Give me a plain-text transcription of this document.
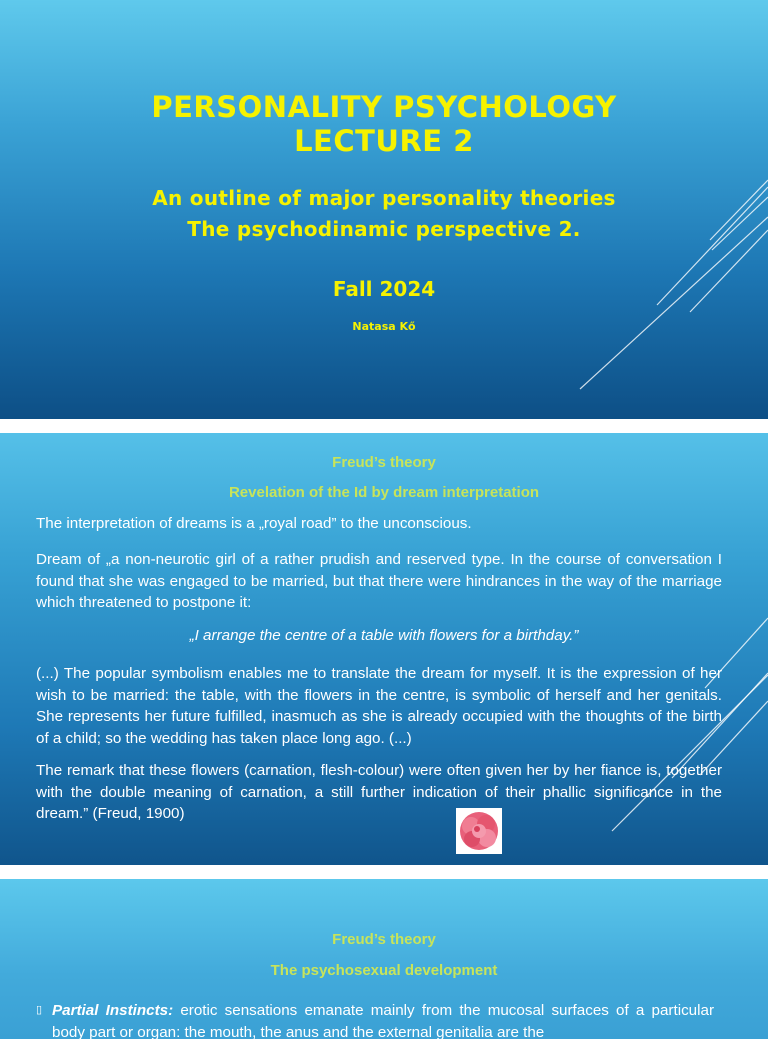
PERSONALITY PSYCHOLOGY
LECTURE 2
An outline of major personality theories
The psychodinamic perspective 2.
Fall 2024
Natasa Kő
Freud’s theory
Revelation of the Id by dream interpretation
The interpretation of dreams is a „royal road” to the unconscious.
Dream of „a non-neurotic girl of a rather prudish and reserved type. In the course of conversation I found that she was engaged to be married, but that there were hindrances in the way of the marriage which threatened to postpone it:
„I arrange the centre of a table with flowers for a birthday.”
(...) The popular symbolism enables me to translate the dream for myself. It is the expression of her wish to be married: the table, with the flowers in the centre, is symbolic of herself and her genitals. She represents her future fulfilled, inasmuch as she is already occupied with the thoughts of the birth of a child; so the wedding has taken place long ago. (...)
The remark that these flowers (carnation, flesh-colour) were often given her by her fiance is, together with the double meaning of carnation, a still further indication of their phallic significance in the dream.” (Freud, 1900)
Freud’s theory
The psychosexual development
▯ Partial Instincts: erotic sensations emanate mainly from the mucosal surfaces of a particular body part or organ: the mouth, the anus and the external genitalia are the
